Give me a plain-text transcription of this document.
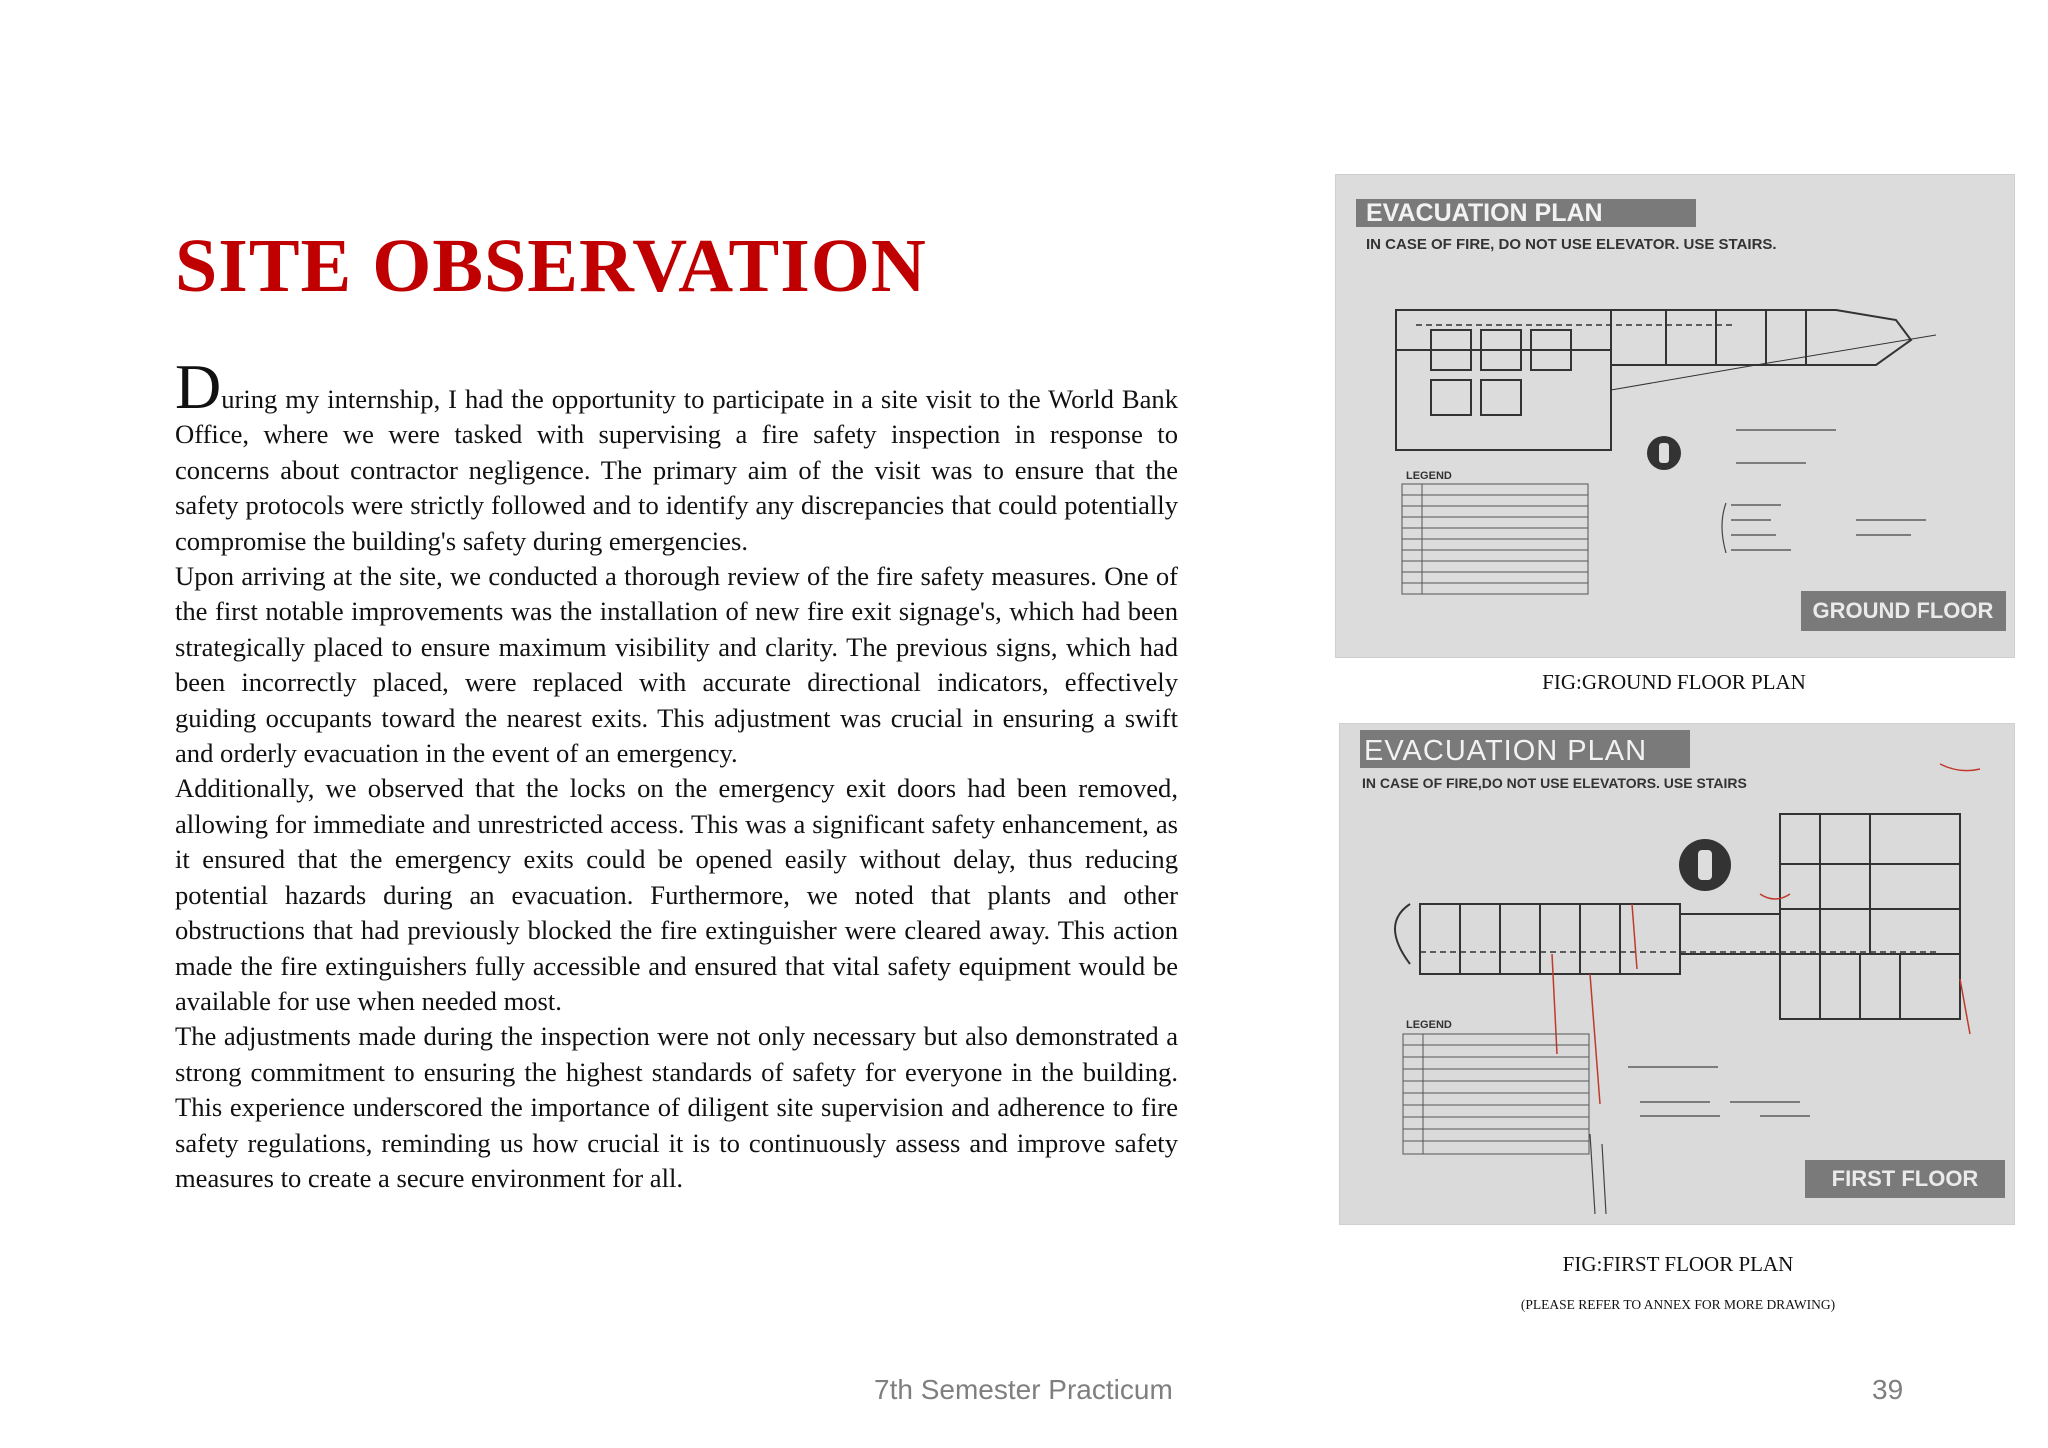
SITE OBSERVATION

During my internship, I had the opportunity to participate in a site visit to the World Bank Office, where we were tasked with supervising a fire safety inspection in response to concerns about contractor negligence. The primary aim of the visit was to ensure that the safety protocols were strictly followed and to identify any discrepancies that could potentially compromise the building's safety during emergencies.

Upon arriving at the site, we conducted a thorough review of the fire safety measures. One of the first notable improvements was the installation of new fire exit signage's, which had been strategically placed to ensure maximum visibility and clarity. The previous signs, which had been incorrectly placed, were replaced with accurate directional indicators, effectively guiding occupants toward the nearest exits. This adjustment was crucial in ensuring a swift and orderly evacuation in the event of an emergency.

Additionally, we observed that the locks on the emergency exit doors had been removed, allowing for immediate and unrestricted access. This was a significant safety enhancement, as it ensured that the emergency exits could be opened easily without delay, thus reducing potential hazards during an evacuation. Furthermore, we noted that plants and other obstructions that had previously blocked the fire extinguisher were cleared away. This action made the fire extinguishers fully accessible and ensured that vital safety equipment would be available for use when needed most.

The adjustments made during the inspection were not only necessary but also demonstrated a strong commitment to ensuring the highest standards of safety for everyone in the building. This experience underscored the importance of diligent site supervision and adherence to fire safety regulations, reminding us how crucial it is to continuously assess and improve safety measures to create a secure environment for all.

EVACUATION PLAN
IN CASE OF FIRE, DO NOT USE ELEVATOR. USE STAIRS.
LEGEND
GROUND FLOOR
FIG:GROUND FLOOR PLAN
EVACUATION PLAN
IN CASE OF FIRE,DO NOT USE ELEVATORS. USE STAIRS
LEGEND
FIRST FLOOR
FIG:FIRST FLOOR PLAN
(PLEASE REFER TO ANNEX FOR MORE DRAWING)
7th Semester Practicum	39
